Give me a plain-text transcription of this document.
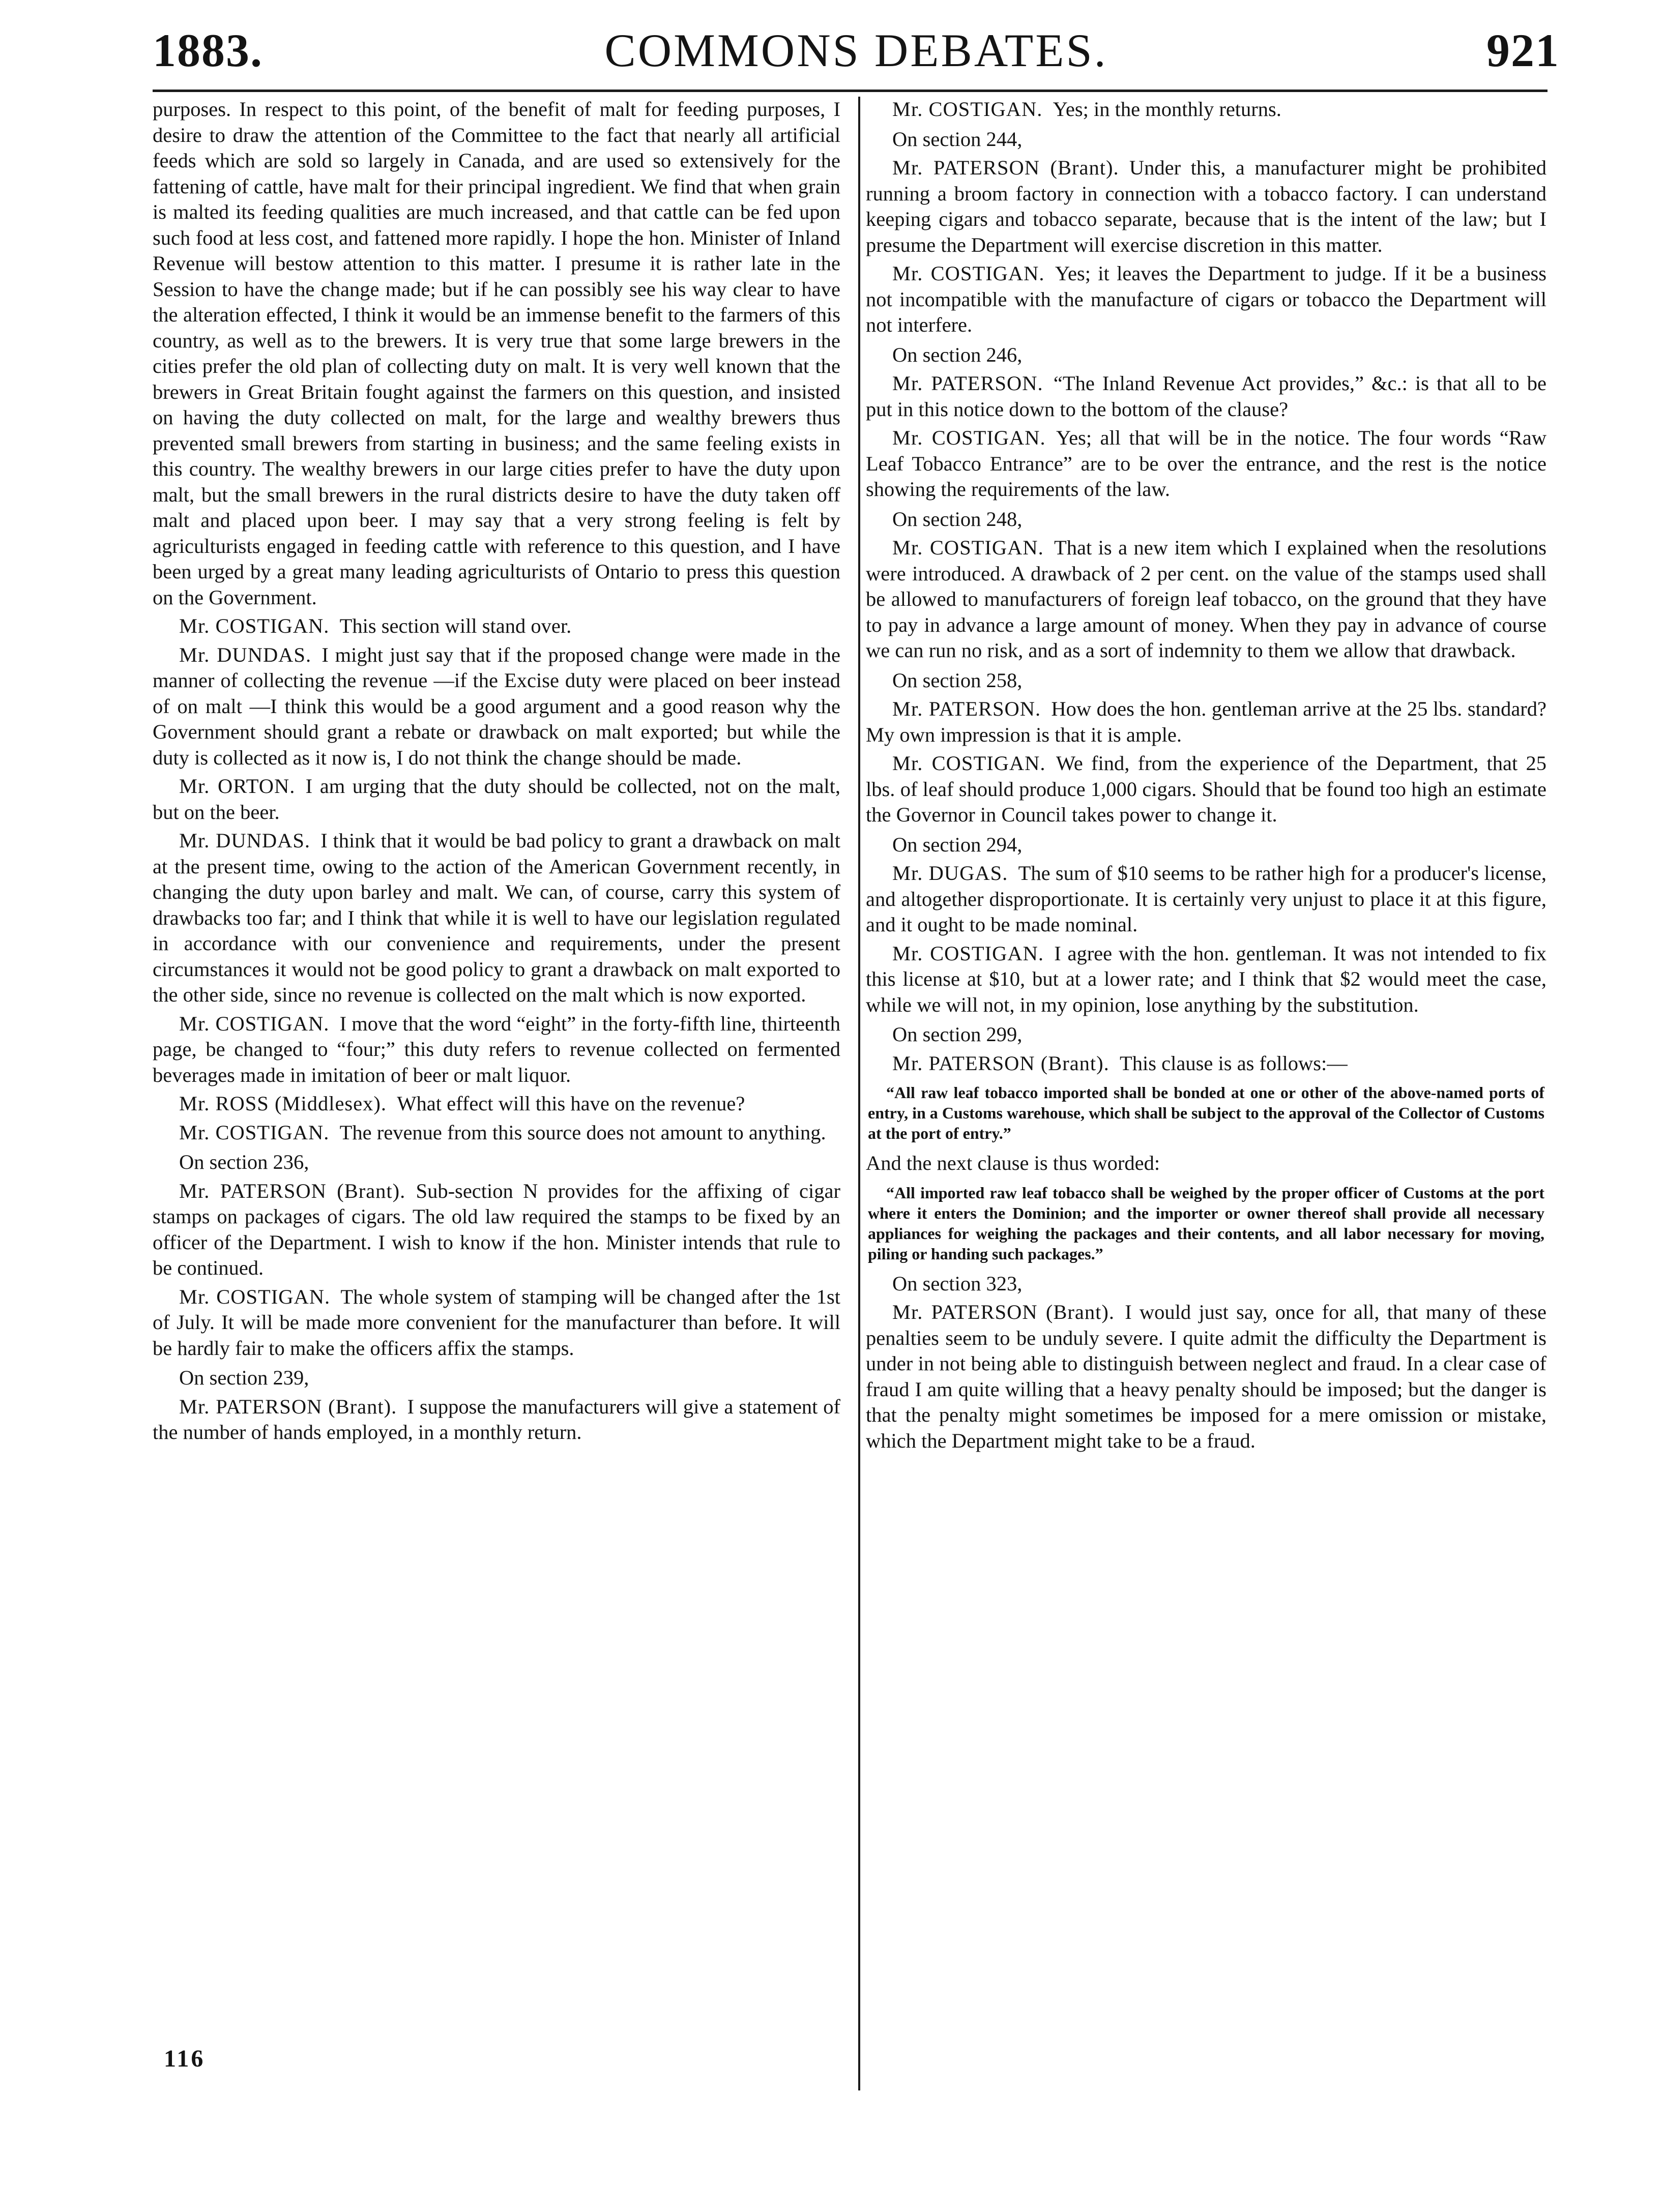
1883.	COMMONS DEBATES.	921

purposes. In respect to this point, of the benefit of malt for feeding purposes, I desire to draw the attention of the Committee to the fact that nearly all artificial feeds which are sold so largely in Canada, and are used so extensively for the fattening of cattle, have malt for their principal ingredient. We find that when grain is malted its feeding qualities are much increased, and that cattle can be fed upon such food at less cost, and fattened more rapidly. I hope the hon. Minister of Inland Revenue will bestow attention to this matter. I presume it is rather late in the Session to have the change made; but if he can possibly see his way clear to have the alteration effected, I think it would be an immense benefit to the farmers of this country, as well as to the brewers. It is very true that some large brewers in the cities prefer the old plan of collecting duty on malt. It is very well known that the brewers in Great Britain fought against the farmers on this question, and insisted on having the duty collected on malt, for the large and wealthy brewers thus prevented small brewers from starting in business; and the same feeling exists in this country. The wealthy brewers in our large cities prefer to have the duty upon malt, but the small brewers in the rural districts desire to have the duty taken off malt and placed upon beer. I may say that a very strong feeling is felt by agriculturists engaged in feeding cattle with reference to this question, and I have been urged by a great many leading agriculturists of Ontario to press this question on the Government.

Mr. COSTIGAN.  This section will stand over.

Mr. DUNDAS.  I might just say that if the proposed change were made in the manner of collecting the revenue —if the Excise duty were placed on beer instead of on malt —I think this would be a good argument and a good reason why the Government should grant a rebate or drawback on malt exported; but while the duty is collected as it now is, I do not think the change should be made.

Mr. ORTON.  I am urging that the duty should be collected, not on the malt, but on the beer.

Mr. DUNDAS.  I think that it would be bad policy to grant a drawback on malt at the present time, owing to the action of the American Government recently, in changing the duty upon barley and malt. We can, of course, carry this system of drawbacks too far; and I think that while it is well to have our legislation regulated in accordance with our convenience and requirements, under the present circumstances it would not be good policy to grant a drawback on malt exported to the other side, since no revenue is collected on the malt which is now exported.

Mr. COSTIGAN.  I move that the word “eight” in the forty-fifth line, thirteenth page, be changed to “four;” this duty refers to revenue collected on fermented beverages made in imitation of beer or malt liquor.

Mr. ROSS (Middlesex).  What effect will this have on the revenue?

Mr. COSTIGAN.  The revenue from this source does not amount to anything.

On section 236,

Mr. PATERSON (Brant).  Sub-section N provides for the affixing of cigar stamps on packages of cigars. The old law required the stamps to be fixed by an officer of the Department. I wish to know if the hon. Minister intends that rule to be continued.

Mr. COSTIGAN.  The whole system of stamping will be changed after the 1st of July. It will be made more convenient for the manufacturer than before. It will be hardly fair to make the officers affix the stamps.

On section 239,

Mr. PATERSON (Brant).  I suppose the manufacturers will give a statement of the number of hands employed, in a monthly return.

Mr. COSTIGAN.  Yes; in the monthly returns.

On section 244,

Mr. PATERSON (Brant).  Under this, a manufacturer might be prohibited running a broom factory in connection with a tobacco factory. I can understand keeping cigars and tobacco separate, because that is the intent of the law; but I presume the Department will exercise discretion in this matter.

Mr. COSTIGAN.  Yes; it leaves the Department to judge. If it be a business not incompatible with the manufacture of cigars or tobacco the Department will not interfere.

On section 246,

Mr. PATERSON.  “The Inland Revenue Act provides,” &c.: is that all to be put in this notice down to the bottom of the clause?

Mr. COSTIGAN.  Yes; all that will be in the notice. The four words “Raw Leaf Tobacco Entrance” are to be over the entrance, and the rest is the notice showing the requirements of the law.

On section 248,

Mr. COSTIGAN.  That is a new item which I explained when the resolutions were introduced. A drawback of 2 per cent. on the value of the stamps used shall be allowed to manufacturers of foreign leaf tobacco, on the ground that they have to pay in advance a large amount of money. When they pay in advance of course we can run no risk, and as a sort of indemnity to them we allow that drawback.

On section 258,

Mr. PATERSON.  How does the hon. gentleman arrive at the 25 lbs. standard? My own impression is that it is ample.

Mr. COSTIGAN.  We find, from the experience of the Department, that 25 lbs. of leaf should produce 1,000 cigars. Should that be found too high an estimate the Governor in Council takes power to change it.

On section 294,

Mr. DUGAS.  The sum of $10 seems to be rather high for a producer's license, and altogether disproportionate. It is certainly very unjust to place it at this figure, and it ought to be made nominal.

Mr. COSTIGAN.  I agree with the hon. gentleman. It was not intended to fix this license at $10, but at a lower rate; and I think that $2 would meet the case, while we will not, in my opinion, lose anything by the substitution.

On section 299,

Mr. PATERSON (Brant).  This clause is as follows:—

“All raw leaf tobacco imported shall be bonded at one or other of the above-named ports of entry, in a Customs warehouse, which shall be subject to the approval of the Collector of Customs at the port of entry.”

And the next clause is thus worded:

“All imported raw leaf tobacco shall be weighed by the proper officer of Customs at the port where it enters the Dominion; and the importer or owner thereof shall provide all necessary appliances for weighing the packages and their contents, and all labor necessary for moving, piling or handing such packages.”

On section 323,

Mr. PATERSON (Brant).  I would just say, once for all, that many of these penalties seem to be unduly severe. I quite admit the difficulty the Department is under in not being able to distinguish between neglect and fraud. In a clear case of fraud I am quite willing that a heavy penalty should be imposed; but the danger is that the penalty might sometimes be imposed for a mere omission or mistake, which the Department might take to be a fraud.

116
